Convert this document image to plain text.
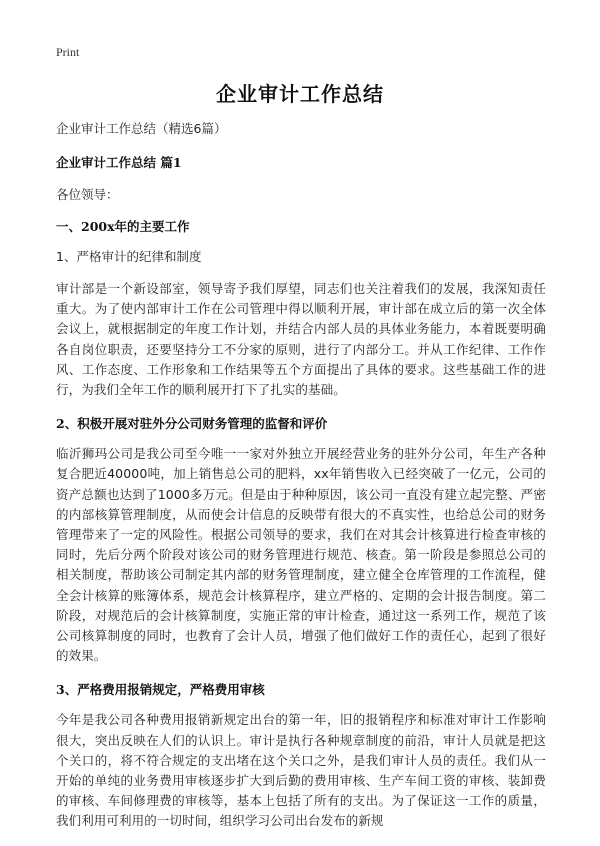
Print
企业审计工作总结

企业审计工作总结（精选6篇）

企业审计工作总结 篇1

各位领导：

一、200x年的主要工作

1、严格审计的纪律和制度

审计部是一个新设部室，领导寄予我们厚望，同志们也关注着我们的发展，我深知责任重大。为了使内部审计工作在公司管理中得以顺利开展，审计部在成立后的第一次全体会议上，就根据制定的年度工作计划，并结合内部人员的具体业务能力，本着既要明确各自岗位职责，还要坚持分工不分家的原则，进行了内部分工。并从工作纪律、工作作风、工作态度、工作形象和工作结果等五个方面提出了具体的要求。这些基础工作的进行，为我们全年工作的顺利展开打下了扎实的基础。

2、积极开展对驻外分公司财务管理的监督和评价

临沂狮玛公司是我公司至今唯一一家对外独立开展经营业务的驻外分公司，年生产各种复合肥近40000吨，加上销售总公司的肥料，xx年销售收入已经突破了一亿元，公司的资产总额也达到了1000多万元。但是由于种种原因，该公司一直没有建立起完整、严密的内部核算管理制度，从而使会计信息的反映带有很大的不真实性，也给总公司的财务管理带来了一定的风险性。根据公司领导的要求，我们在对其会计核算进行检查审核的同时，先后分两个阶段对该公司的财务管理进行规范、核查。第一阶段是参照总公司的相关制度，帮助该公司制定其内部的财务管理制度，建立健全仓库管理的工作流程，健全会计核算的账簿体系，规范会计核算程序，建立严格的、定期的会计报告制度。第二阶段，对规范后的会计核算制度，实施正常的审计检查，通过这一系列工作，规范了该公司核算制度的同时，也教育了会计人员，增强了他们做好工作的责任心，起到了很好的效果。

3、严格费用报销规定，严格费用审核

今年是我公司各种费用报销新规定出台的第一年，旧的报销程序和标准对审计工作影响很大，突出反映在人们的认识上。审计是执行各种规章制度的前沿，审计人员就是把这个关口的，将不符合规定的支出堵在这个关口之外，是我们审计人员的责任。我们从一开始的单纯的业务费用审核逐步扩大到后勤的费用审核、生产车间工资的审核、装卸费的审核、车间修理费的审核等，基本上包括了所有的支出。为了保证这一工作的质量，我们利用可利用的一切时间，组织学习公司出台发布的新规
